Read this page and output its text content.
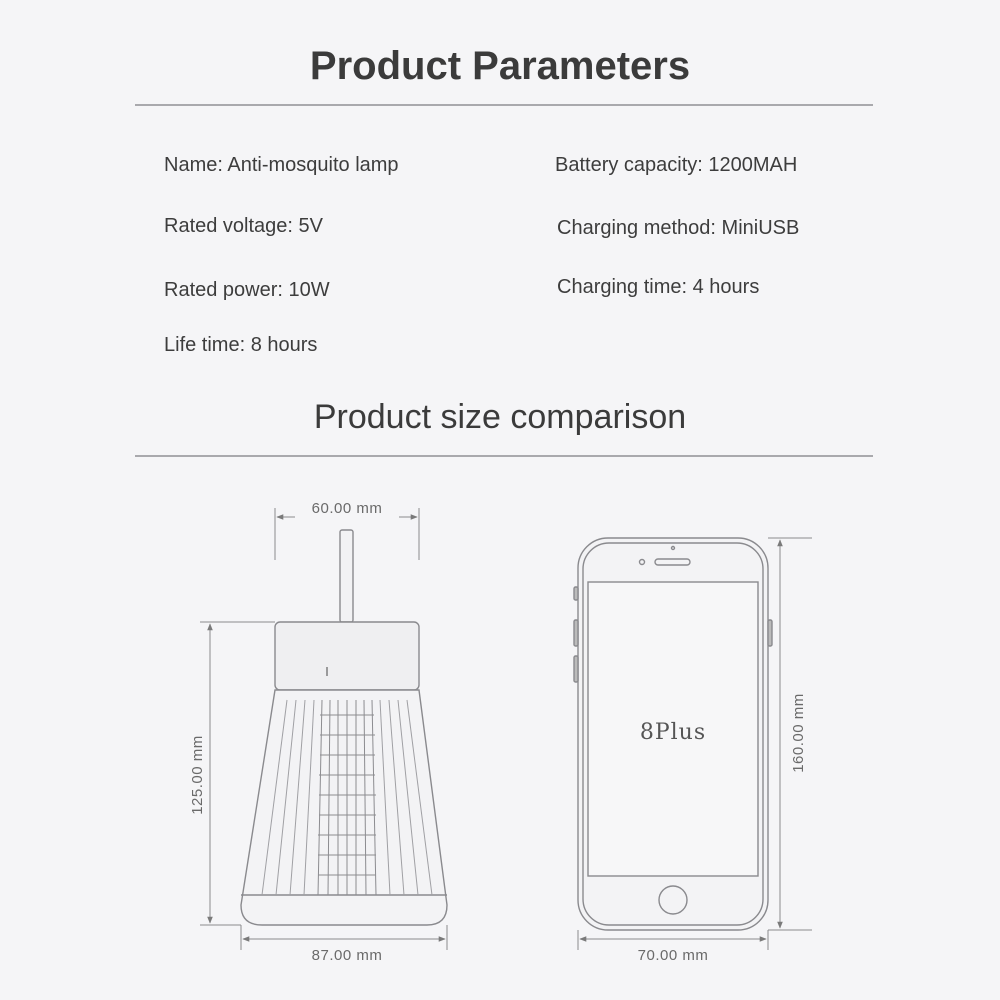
Product Parameters
Name: Anti-mosquito lamp
Rated voltage: 5V
Rated power: 10W
Life time: 8 hours
Battery capacity: 1200MAH
Charging method: MiniUSB
Charging time: 4 hours
Product size comparison
60.00 mm
125.00 mm
87.00 mm
8Plus	160.00 mm
70.00 mm
